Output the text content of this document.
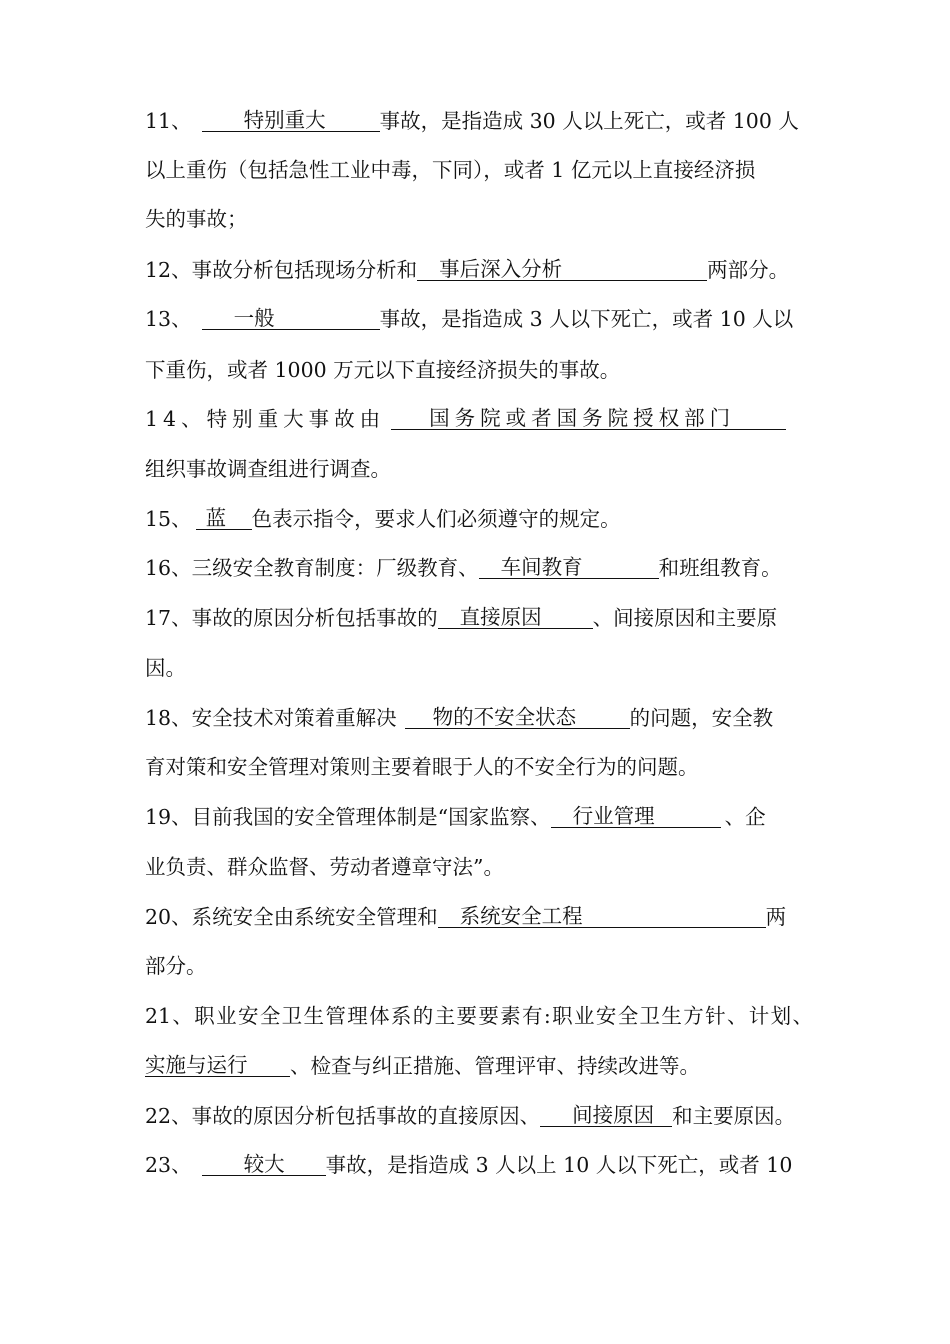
11、	特别重大	事故，是指造成 30 人以上死亡，或者 100 人
以上重伤（包括急性工业中毒，下同），或者 1 亿元以上直接经济损
失的事故；
12、事故分析包括现场分析和 事后深入分析	两部分。
13、 一般	事故，是指造成 3 人以下死亡，或者 10 人以
下重伤，或者 1000 万元以下直接经济损失的事故。
14、特别重大事故由 国务院或者国务院授权部门
组织事故调查组进行调查。
15、 蓝 色表示指令，要求人们必须遵守的规定。
16、三级安全教育制度：厂级教育、 车间教育	和班组教育。
17、事故的原因分析包括事故的 直接原因 、间接原因和主要原
因。
18、安全技术对策着重解决 物的不安全状态	的问题，安全教
育对策和安全管理对策则主要着眼于人的不安全行为的问题。
19、目前我国的安全管理体制是“国家监察、 行业管理	、企
业负责、群众监督、劳动者遵章守法”。
20、系统安全由系统安全管理和 系统安全工程	两
部分。
21、职业安全卫生管理体系的主要要素有:职业安全卫生方针、计划、
实施与运行 、检查与纠正措施、管理评审、持续改进等。
22、事故的原因分析包括事故的直接原因、 间接原因 和主要原因。
23、	较大 事故，是指造成 3 人以上 10 人以下死亡，或者 10
